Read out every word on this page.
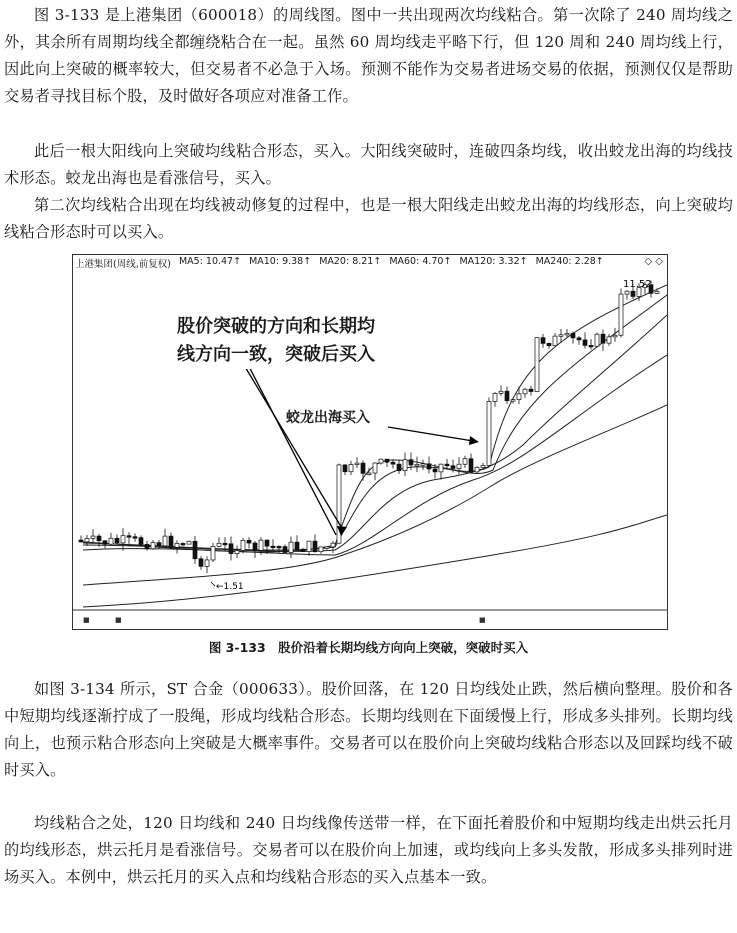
图 3-133 是上港集团（600018）的周线图。图中一共出现两次均线粘合。第一次除了 240 周均线之外，其余所有周期均线全都缠绕粘合在一起。虽然 60 周均线走平略下行，但 120 周和 240 周均线上行，因此向上突破的概率较大，但交易者不必急于入场。预测不能作为交易者进场交易的依据，预测仅仅是帮助交易者寻找目标个股，及时做好各项应对准备工作。

此后一根大阳线向上突破均线粘合形态，买入。大阳线突破时，连破四条均线，收出蛟龙出海的均线技术形态。蛟龙出海也是看涨信号，买入。

第二次均线粘合出现在均线被动修复的过程中，也是一根大阳线走出蛟龙出海的均线形态，向上突破均线粘合形态时可以买入。

上港集团(周线,前复权) MA5: 10.47↑ MA10: 9.38↑ MA20: 8.21↑ MA60: 4.70↑ MA120: 3.32↑ MA240: 2.28↑	◇ ◇
11.52
←1.51
■	■	■
股价突破的方向和长期均
线方向一致，突破后买入
蛟龙出海买入
图 3-133　股价沿着长期均线方向向上突破，突破时买入

如图 3-134 所示，ST 合金（000633）。股价回落，在 120 日均线处止跌，然后横向整理。股价和各中短期均线逐渐拧成了一股绳，形成均线粘合形态。长期均线则在下面缓慢上行，形成多头排列。长期均线向上，也预示粘合形态向上突破是大概率事件。交易者可以在股价向上突破均线粘合形态以及回踩均线不破时买入。

均线粘合之处，120 日均线和 240 日均线像传送带一样，在下面托着股价和中短期均线走出烘云托月的均线形态，烘云托月是看涨信号。交易者可以在股价向上加速，或均线向上多头发散，形成多头排列时进场买入。本例中，烘云托月的买入点和均线粘合形态的买入点基本一致。
